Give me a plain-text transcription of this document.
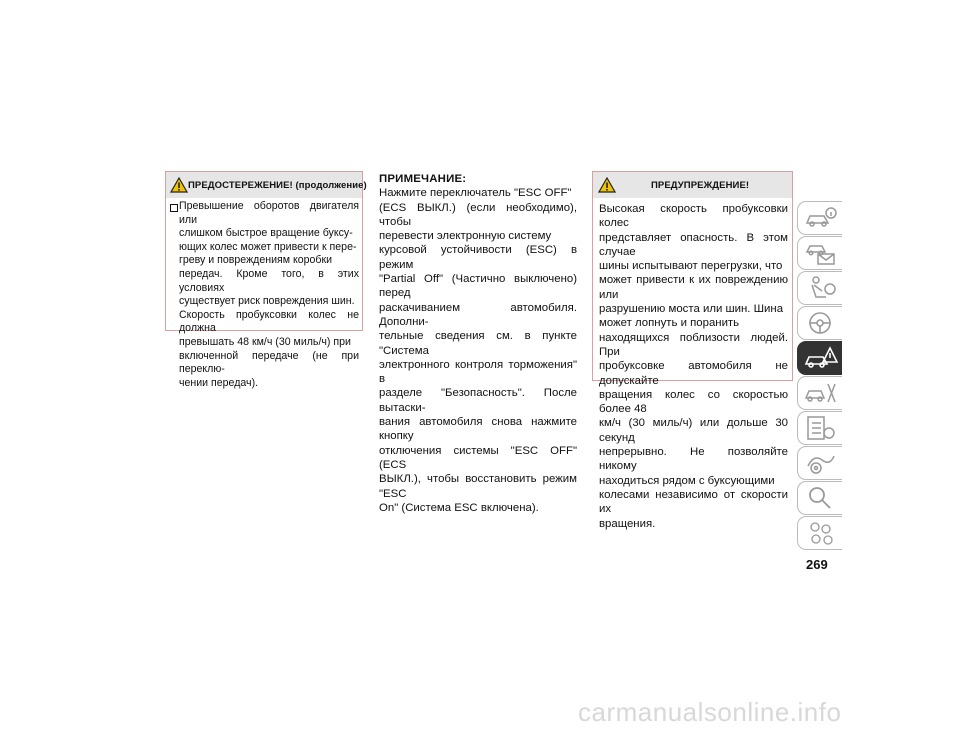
ПРЕДОСТЕРЕЖЕНИЕ! (продолжение)
Превышение оборотов двигателя или
слишком быстрое вращение буксу-
ющих колес может привести к пере-
греву и повреждениям коробки
передач. Кроме того, в этих условиях
существует риск повреждения шин.
Скорость пробуксовки колес не должна
превышать 48 км/ч (30 миль/ч) при
включенной передаче (не при переклю-
чении передач).
ПРИМЕЧАНИЕ:
Нажмите переключатель "ESC OFF"
(ECS ВЫКЛ.) (если необходимо), чтобы
перевести электронную систему
курсовой устойчивости (ESC) в режим
"Partial Off" (Частично выключено) перед
раскачиванием автомобиля. Дополни-
тельные сведения см. в пункте "Система
электронного контроля торможения" в
разделе "Безопасность". После вытаски-
вания автомобиля снова нажмите кнопку
отключения системы "ESC OFF" (ECS
ВЫКЛ.), чтобы восстановить режим "ESC
On" (Система ESC включена).
ПРЕДУПРЕЖДЕНИЕ!
Высокая скорость пробуксовки колес
представляет опасность. В этом случае
шины испытывают перегрузки, что
может привести к их повреждению или
разрушению моста или шин. Шина
может лопнуть и поранить
находящихся поблизости людей. При
пробуксовке автомобиля не допускайте
вращения колес со скоростью более 48
км/ч (30 миль/ч) или дольше 30 секунд
непрерывно. Не позволяйте никому
находиться рядом с буксующими
колесами независимо от скорости их
вращения.
269
carmanualsonline.info
